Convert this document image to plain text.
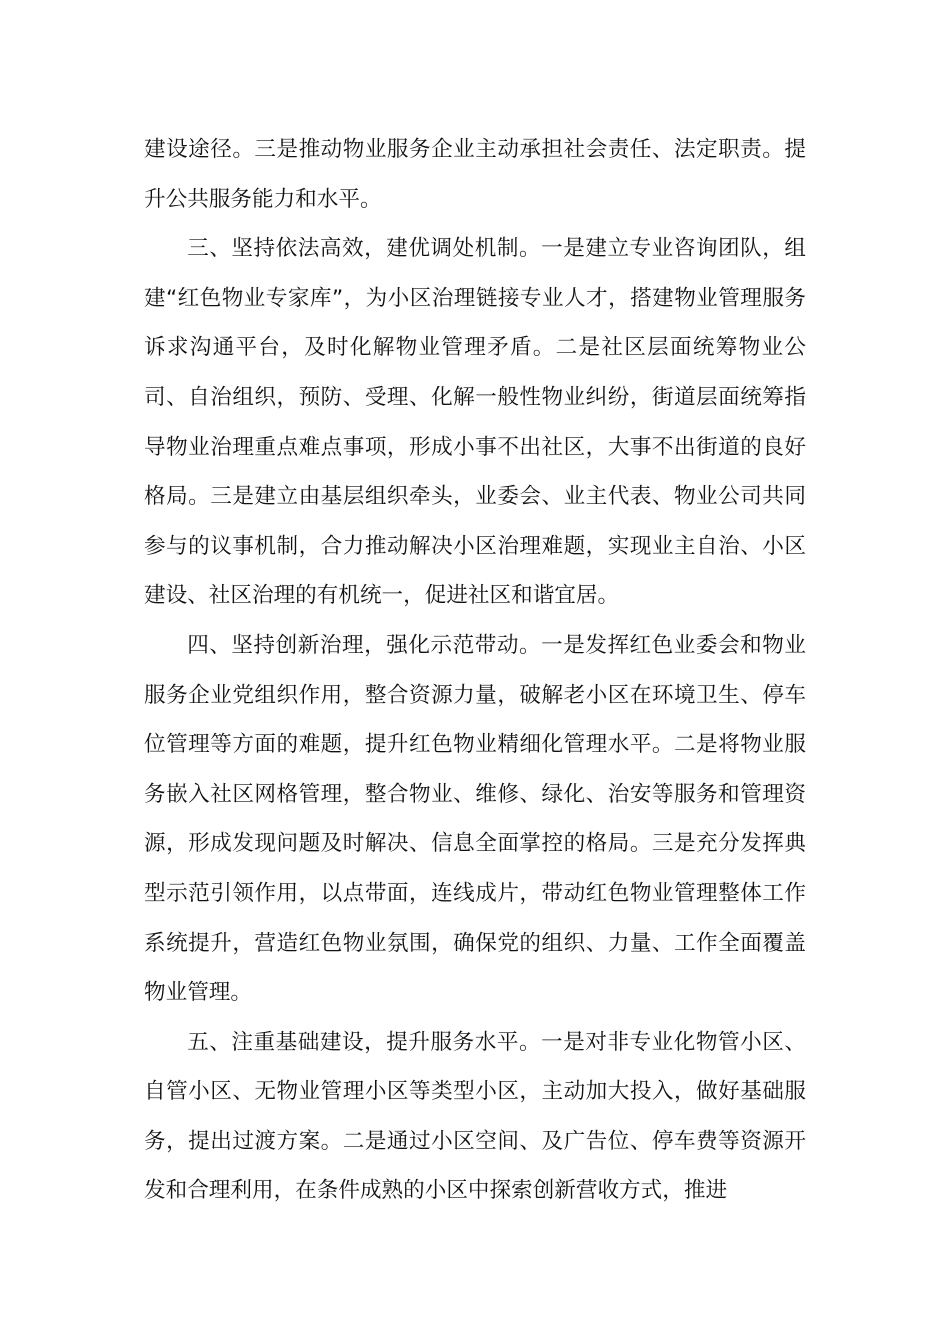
建设途径。三是推动物业服务企业主动承担社会责任、法定职责。提升公共服务能力和水平。

三、坚持依法高效，建优调处机制。一是建立专业咨询团队，组建“红色物业专家库”，为小区治理链接专业人才，搭建物业管理服务诉求沟通平台，及时化解物业管理矛盾。二是社区层面统筹物业公司、自治组织，预防、受理、化解一般性物业纠纷，街道层面统筹指导物业治理重点难点事项，形成小事不出社区，大事不出街道的良好格局。三是建立由基层组织牵头，业委会、业主代表、物业公司共同参与的议事机制，合力推动解决小区治理难题，实现业主自治、小区建设、社区治理的有机统一，促进社区和谐宜居。

四、坚持创新治理，强化示范带动。一是发挥红色业委会和物业服务企业党组织作用，整合资源力量，破解老小区在环境卫生、停车位管理等方面的难题，提升红色物业精细化管理水平。二是将物业服务嵌入社区网格管理，整合物业、维修、绿化、治安等服务和管理资源，形成发现问题及时解决、信息全面掌控的格局。三是充分发挥典型示范引领作用，以点带面，连线成片，带动红色物业管理整体工作系统提升，营造红色物业氛围，确保党的组织、力量、工作全面覆盖物业管理。

五、注重基础建设，提升服务水平。一是对非专业化物管小区、自管小区、无物业管理小区等类型小区，主动加大投入，做好基础服务，提出过渡方案。二是通过小区空间、及广告位、停车费等资源开发和合理利用，在条件成熟的小区中探索创新营收方式，推进
